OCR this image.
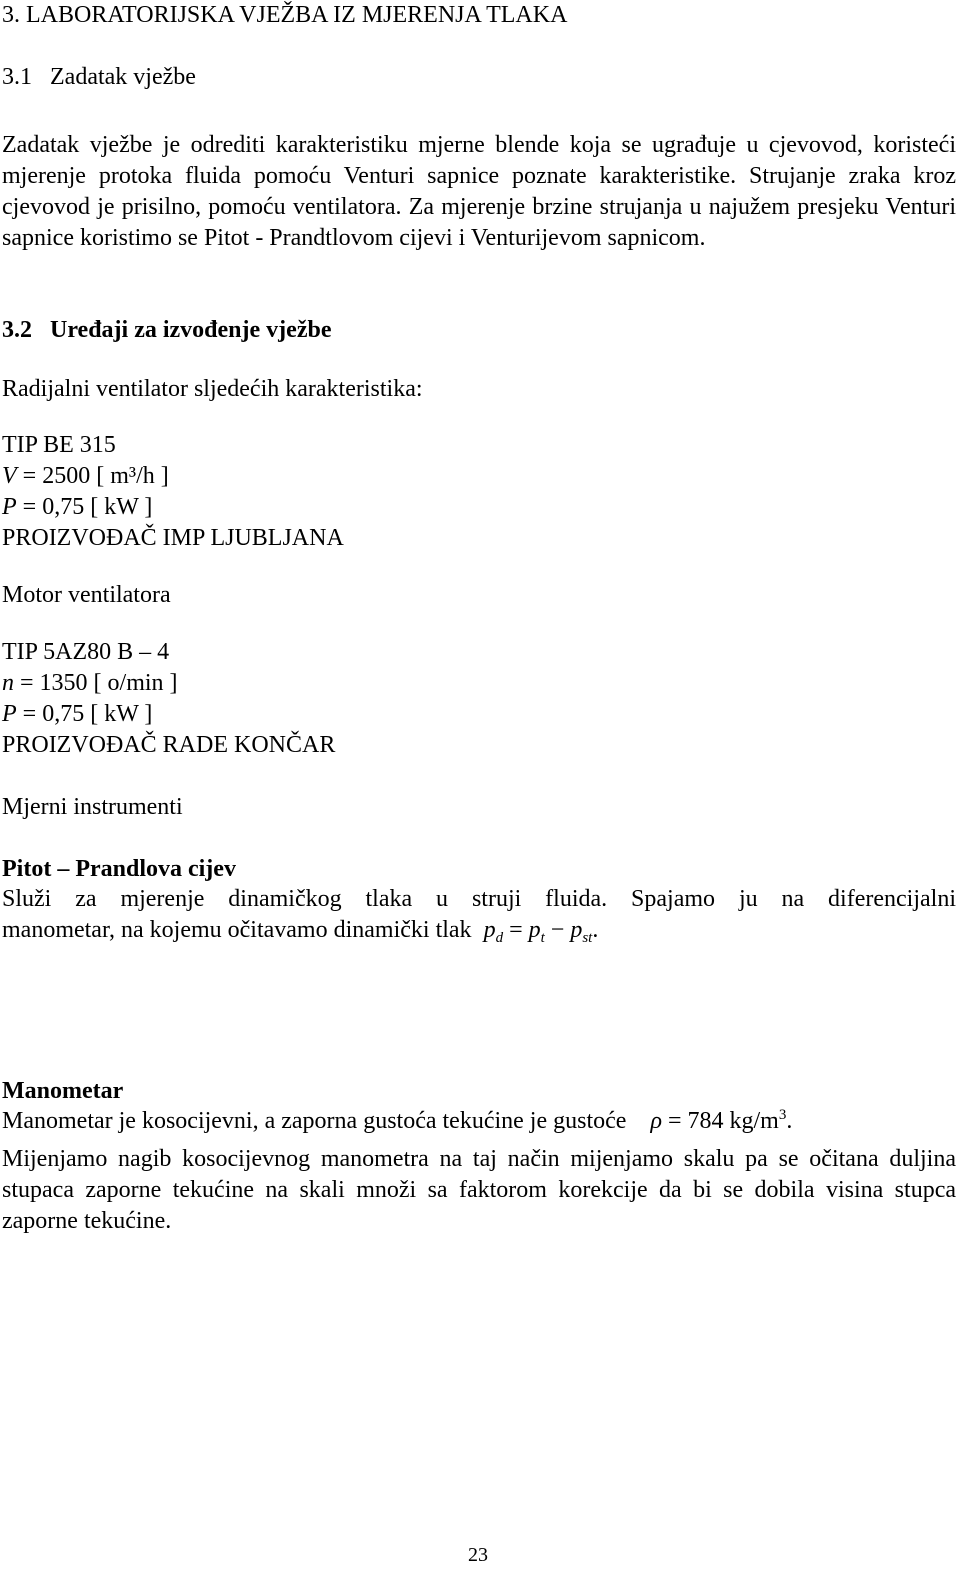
3. LABORATORIJSKA VJEŽBA IZ MJERENJA TLAKA
3.1 Zadatak vježbe
Zadatak vježbe je odrediti karakteristiku mjerne blende koja se ugrađuje u cjevovod, koristeći mjerenje protoka fluida pomoću Venturi sapnice poznate karakteristike. Strujanje zraka kroz cjevovod je prisilno, pomoću ventilatora. Za mjerenje brzine strujanja u najužem presjeku Venturi sapnice koristimo se Pitot - Prandtlovom cijevi i Venturijevom sapnicom.
3.2 Uređaji za izvođenje vježbe
Radijalni ventilator sljedećih karakteristika:
TIP BE 315
V = 2500 [ m³/h ]
P = 0,75 [ kW ]
PROIZVOĐAČ IMP LJUBLJANA
Motor ventilatora
TIP 5AZ80 B – 4
n = 1350 [ o/min ]
P = 0,75 [ kW ]
PROIZVOĐAČ RADE KONČAR
Mjerni instrumenti
Pitot – Prandlova cijev
Služi za mjerenje dinamičkog tlaka u struji fluida. Spajamo ju na diferencijalni
manometar, na kojemu očitavamo dinamički tlak $p_d = p_t - p_{st}$.
Manometar
Manometar je kosocijevni, a zaporna gustoća tekućine je gustoće ρ = 784 $kg/m^3$.
Mijenjamo nagib kosocijevnog manometra na taj način mijenjamo skalu pa se očitana duljina stupaca zaporne tekućine na skali množi sa faktorom korekcije da bi se dobila visina stupca zaporne tekućine.
23
